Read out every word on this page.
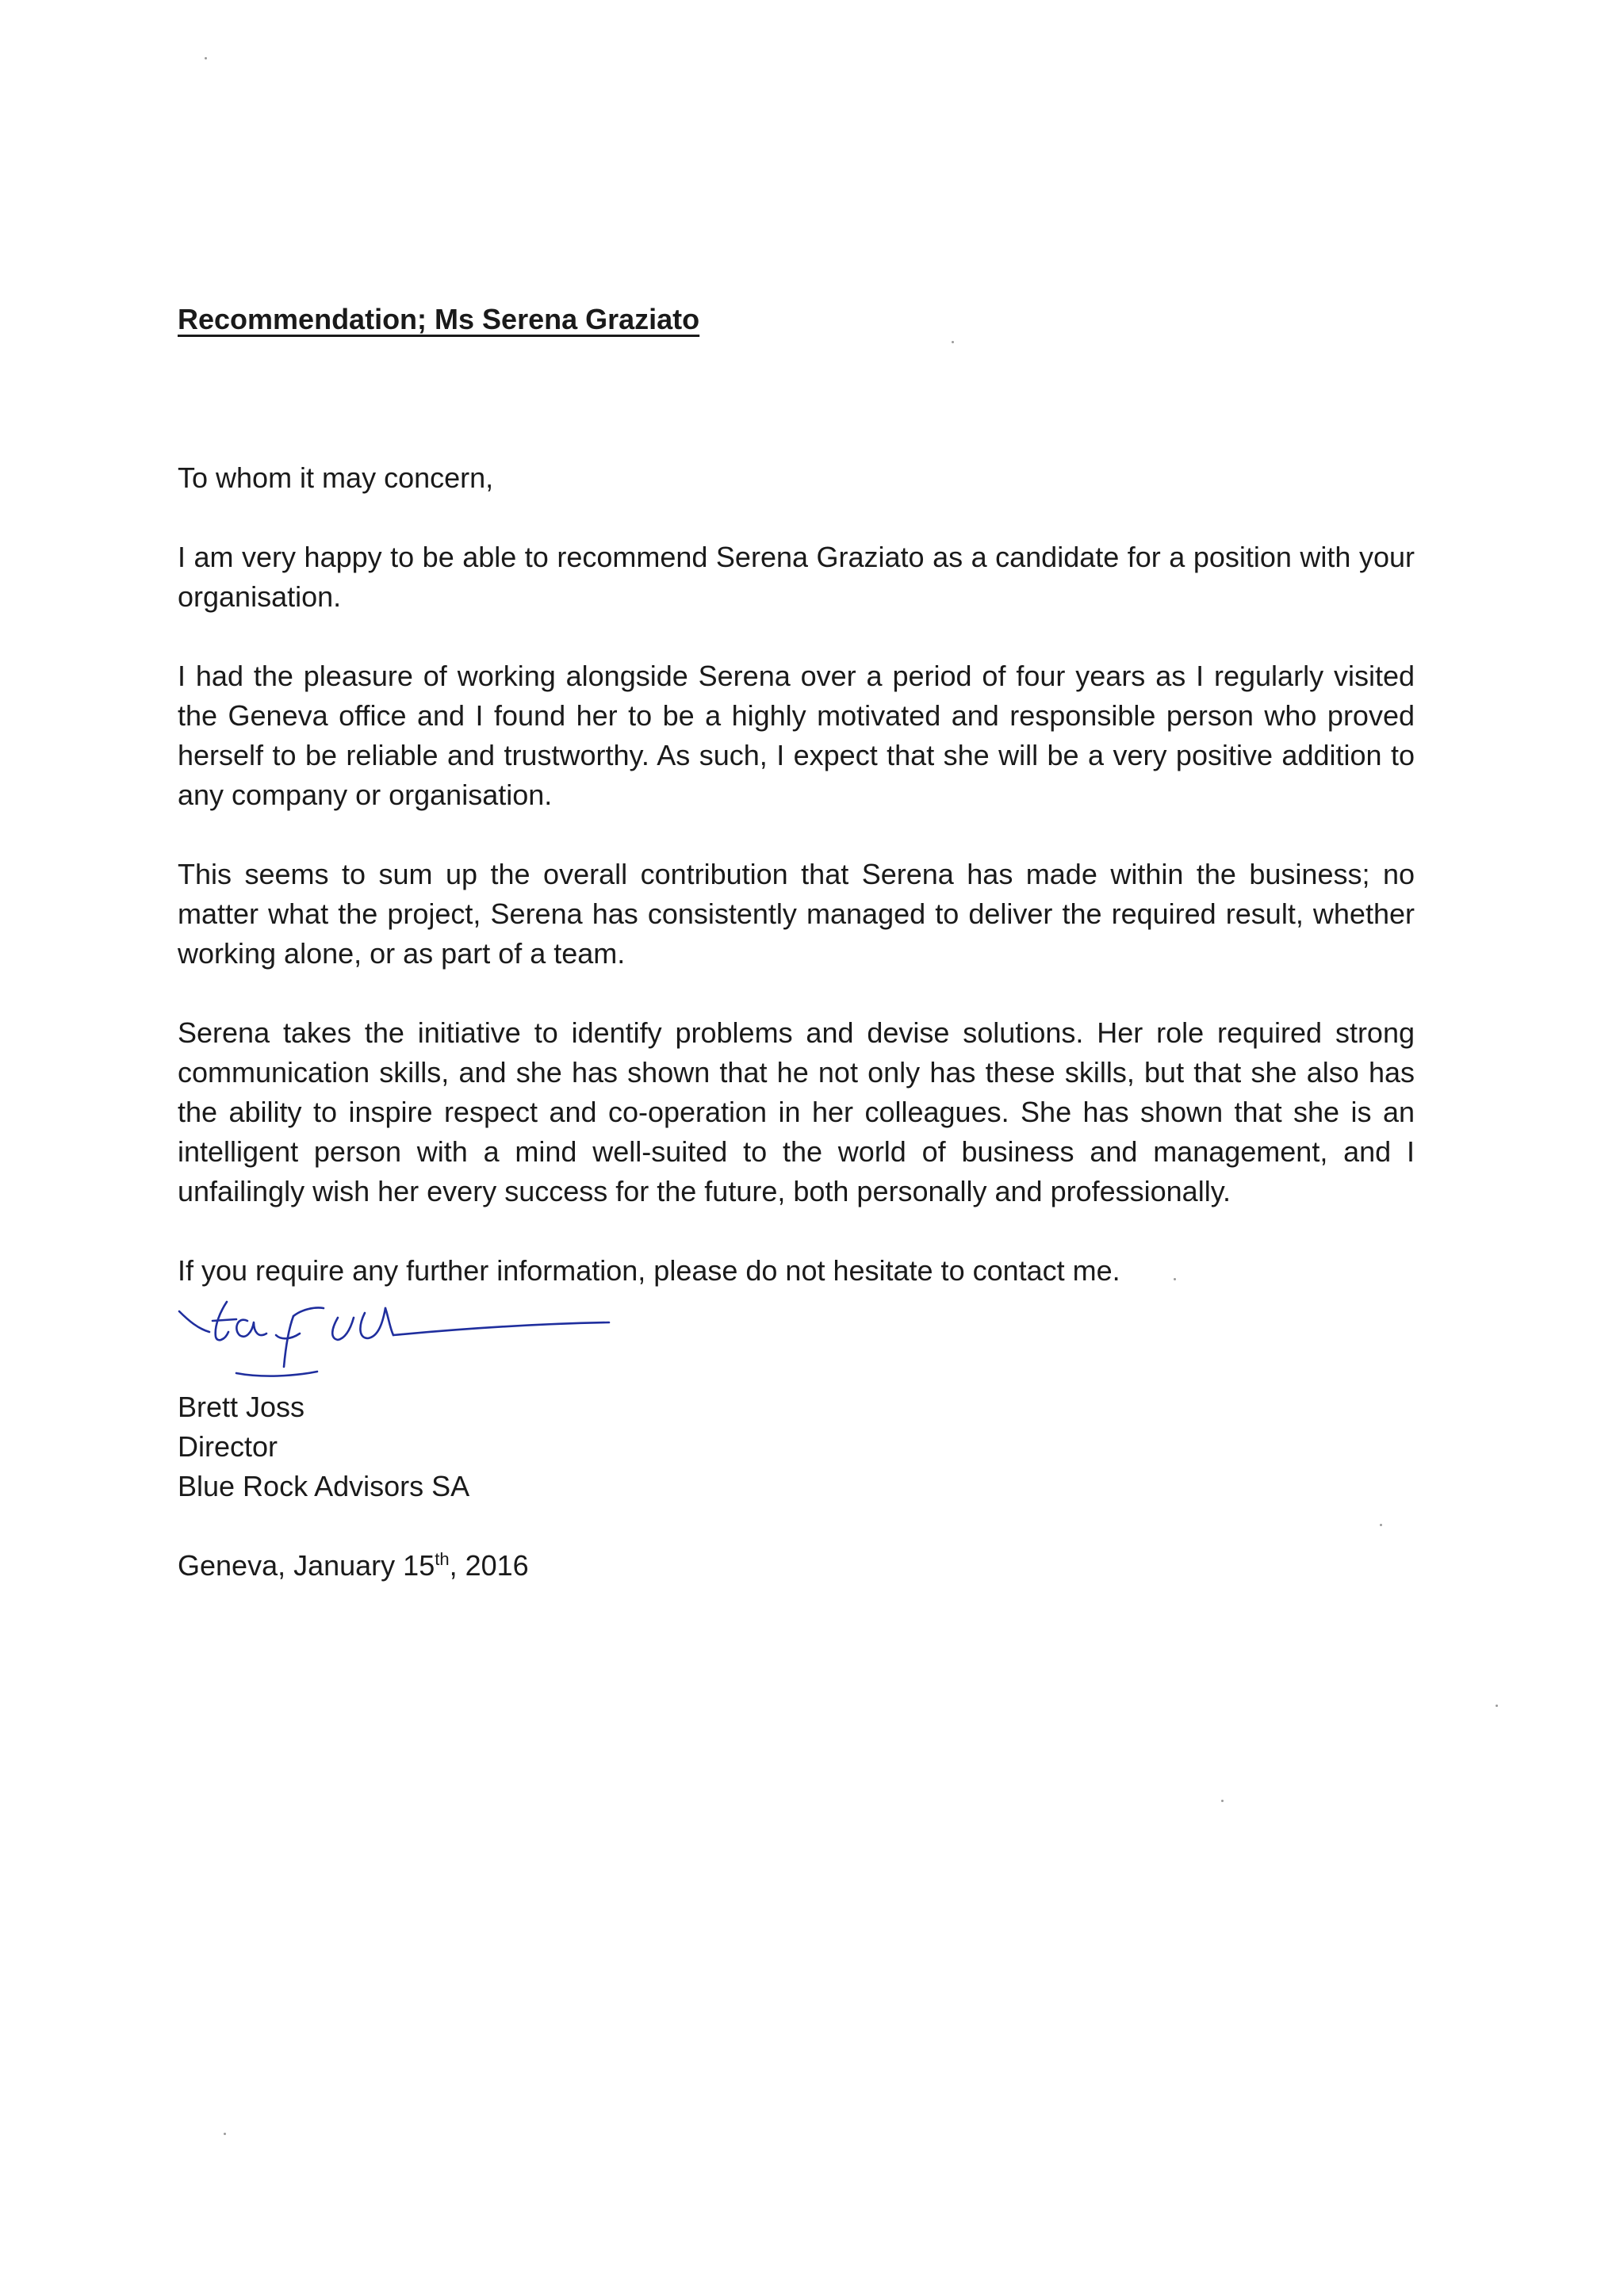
Recommendation; Ms Serena Graziato

To whom it may concern,

I am very happy to be able to recommend Serena Graziato as a candidate for a position with your organisation.

I had the pleasure of working alongside Serena over a period of four years as I regularly visited the Geneva office and I found her to be a highly motivated and responsible person who proved herself to be reliable and trustworthy. As such, I expect that she will be a very positive addition to any company or organisation.

This seems to sum up the overall contribution that Serena has made within the business; no matter what the project, Serena has consistently managed to deliver the required result, whether working alone, or as part of a team.

Serena takes the initiative to identify problems and devise solutions. Her role required strong communication skills, and she has shown that he not only has these skills, but that she also has the ability to inspire respect and co-operation in her colleagues. She has shown that she is an intelligent person with a mind well-suited to the world of business and management, and I unfailingly wish her every success for the future, both personally and professionally.

If you require any further information, please do not hesitate to contact me.

Brett Joss

Director

Blue Rock Advisors SA

Geneva, January 15th, 2016
